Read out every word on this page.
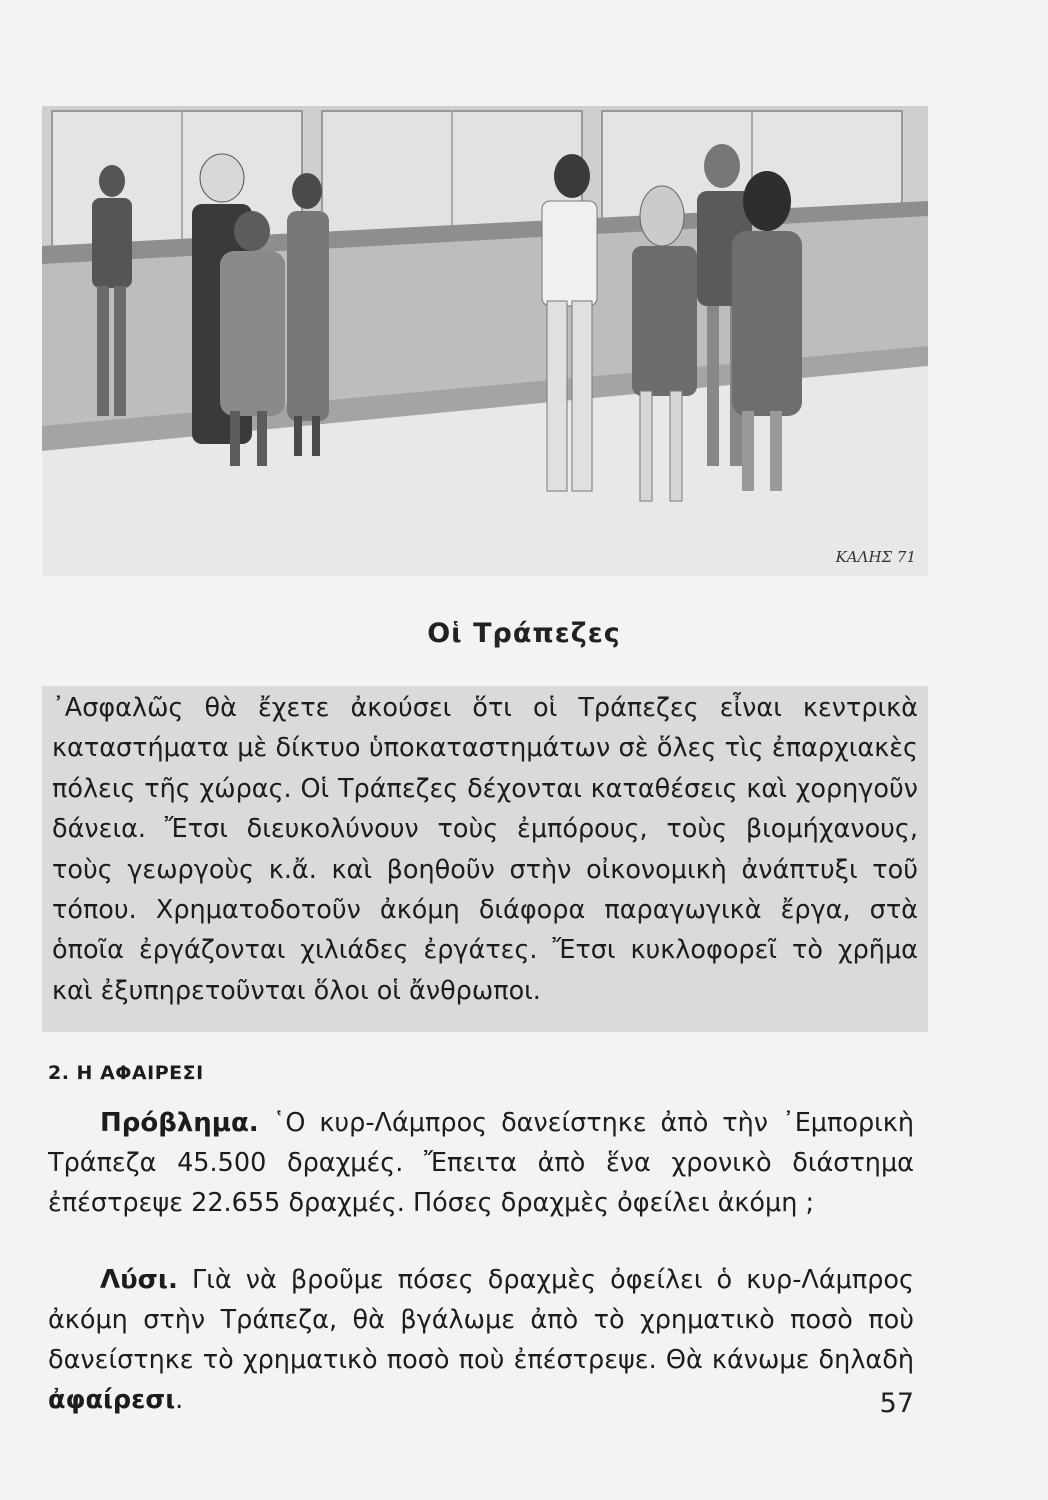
ΚΑΛΗΣ 71
Οἱ Τράπεζες

᾿Ασφαλῶς θὰ ἔχετε ἀκούσει ὅτι οἱ Τράπεζες εἶναι κεντρικὰ καταστήματα μὲ δίκτυο ὑποκαταστημάτων σὲ ὅλες τὶς ἐπαρχιακὲς πόλεις τῆς χώρας. Οἱ Τράπεζες δέχονται καταθέσεις καὶ χορηγοῦν δάνεια. Ἔτσι διευκολύνουν τοὺς ἐμπόρους, τοὺς βιομήχανους, τοὺς γεωργοὺς κ.ἄ. καὶ βοηθοῦν στὴν οἰκονομικὴ ἀνάπτυξι τοῦ τόπου. Χρηματοδοτοῦν ἀκόμη διάφορα παραγωγικὰ ἔργα, στὰ ὁποῖα ἐργάζονται χιλιάδες ἐργάτες. Ἔτσι κυκλοφορεῖ τὸ χρῆμα καὶ ἐξυπηρετοῦνται ὅλοι οἱ ἄνθρωποι.

2. Η ΑΦΑΙΡΕΣΙ

Πρόβλημα. ῾Ο κυρ-Λάμπρος δανείστηκε ἀπὸ τὴν ᾿Εμπορικὴ Τράπεζα 45.500 δραχμές. Ἔπειτα ἀπὸ ἕνα χρονικὸ διάστημα ἐπέστρεψε 22.655 δραχμές. Πόσες δραχμὲς ὀφείλει ἀκόμη ;

Λύσι. Γιὰ νὰ βροῦμε πόσες δραχμὲς ὀφείλει ὁ κυρ-Λάμπρος ἀκόμη στὴν Τράπεζα, θὰ βγάλωμε ἀπὸ τὸ χρηματικὸ ποσὸ ποὺ δανείστηκε τὸ χρηματικὸ ποσὸ ποὺ ἐπέστρεψε. Θὰ κάνωμε δηλαδὴ ἀφαίρεσι.	57
